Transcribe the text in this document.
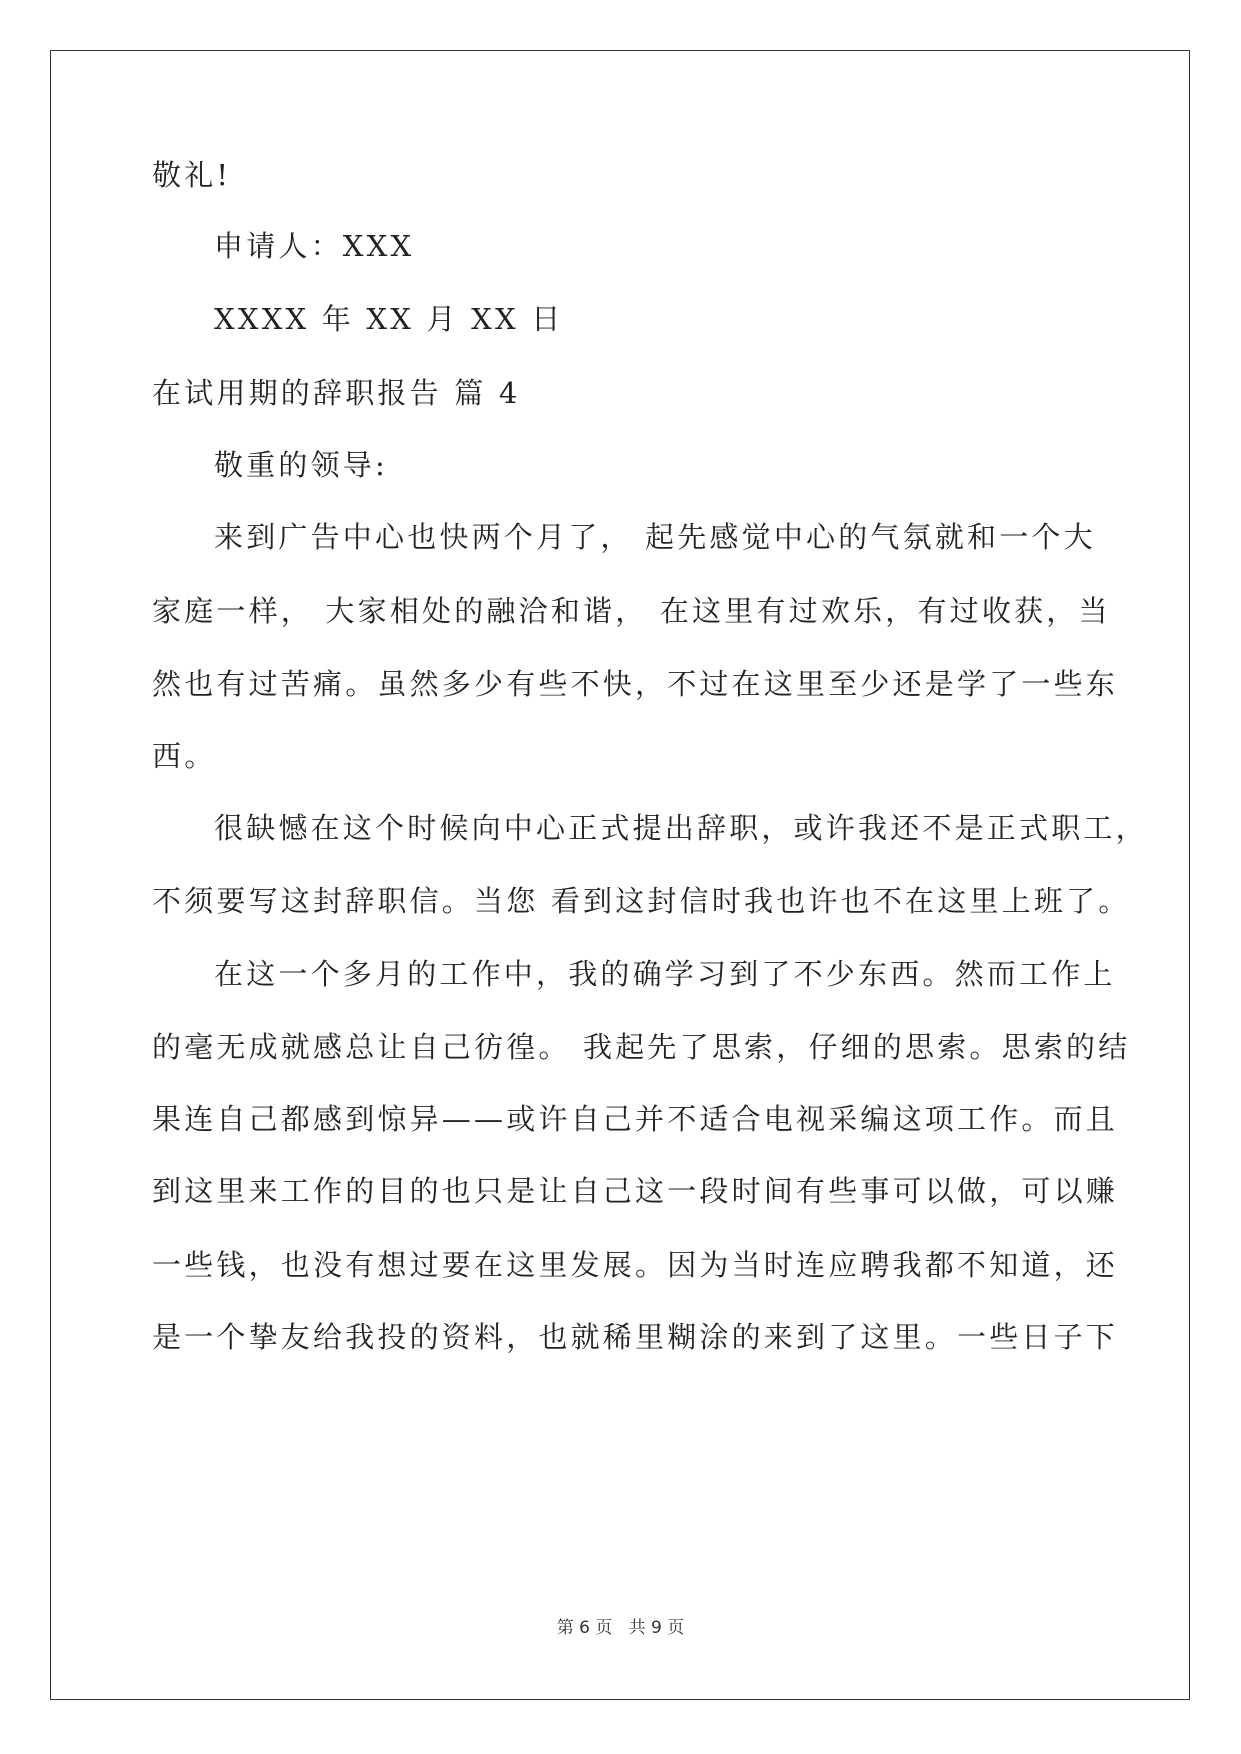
敬礼!
申请人：XXX
XXXX 年 XX 月 XX 日
在试用期的辞职报告 篇 4
敬重的领导:
来到广告中心也快两个月了， 起先感觉中心的气氛就和一个大
家庭一样， 大家相处的融洽和谐， 在这里有过欢乐，有过收获，当
然也有过苦痛。虽然多少有些不快，不过在这里至少还是学了一些东
西。
很缺憾在这个时候向中心正式提出辞职，或许我还不是正式职工，
不须要写这封辞职信。当您 看到这封信时我也许也不在这里上班了。
在这一个多月的工作中，我的确学习到了不少东西。然而工作上
的毫无成就感总让自己彷徨。 我起先了思索，仔细的思索。思索的结
果连自己都感到惊异——或许自己并不适合电视采编这项工作。而且
到这里来工作的目的也只是让自己这一段时间有些事可以做，可以赚
一些钱，也没有想过要在这里发展。因为当时连应聘我都不知道，还
是一个挚友给我投的资料，也就稀里糊涂的来到了这里。一些日子下
第 6 页   共 9 页
